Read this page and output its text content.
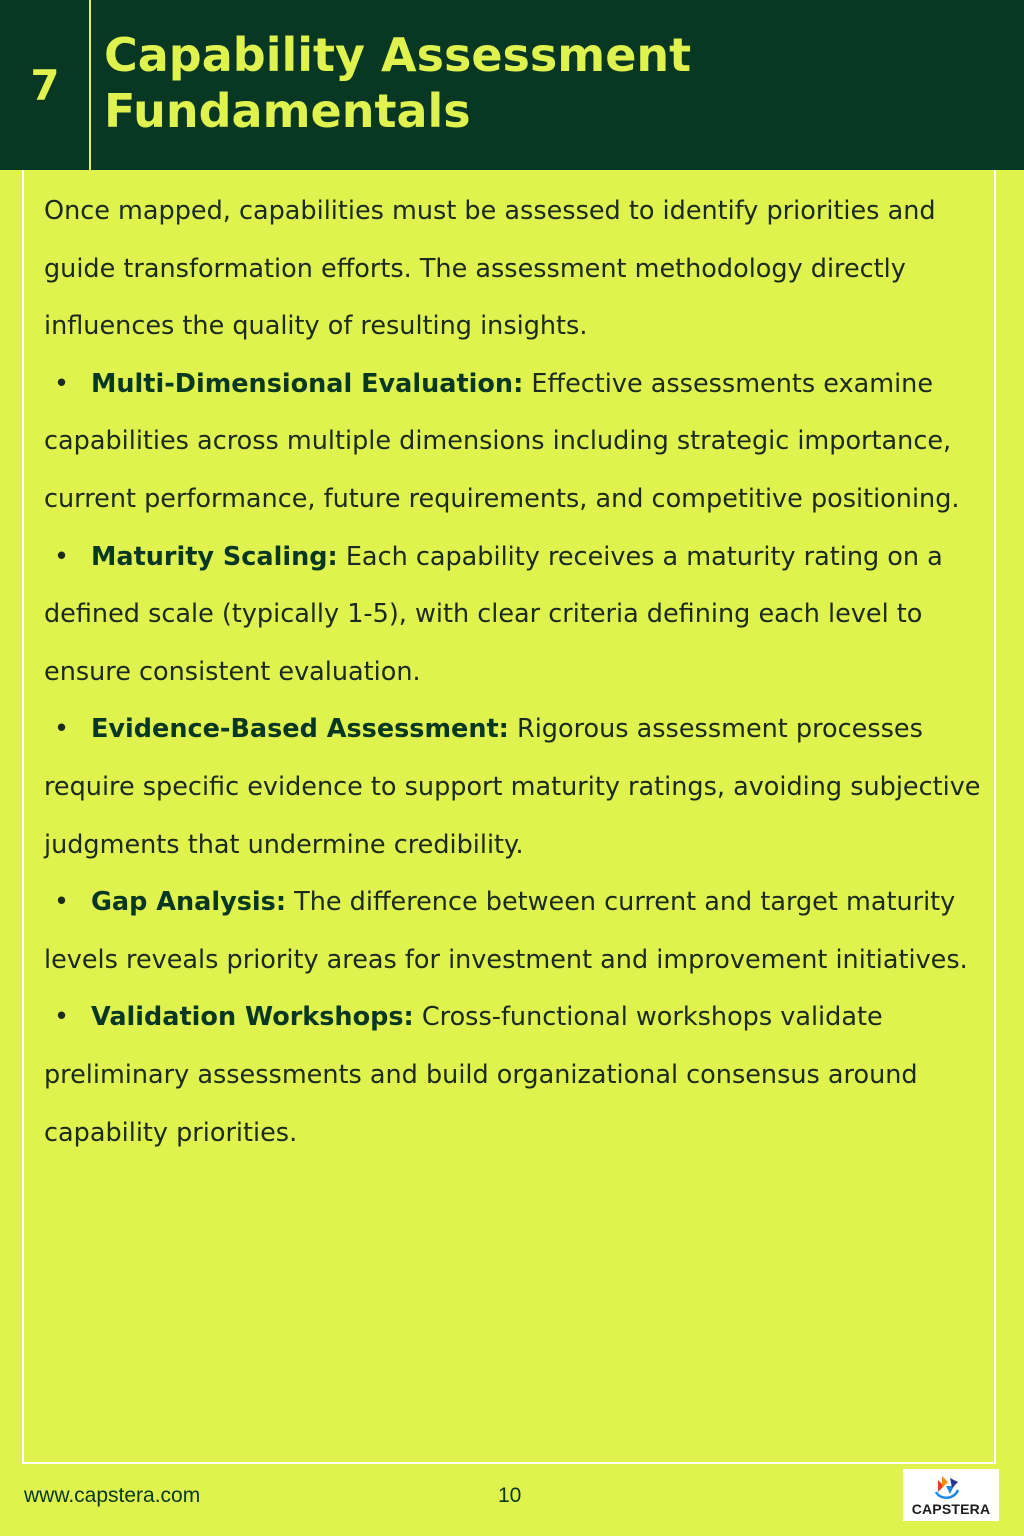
7
Capability Assessment
Fundamentals

Once mapped, capabilities must be assessed to identify priorities and guide transformation efforts. The assessment methodology directly influences the quality of resulting insights.

• Multi-Dimensional Evaluation: Effective assessments examine capabilities across multiple dimensions including strategic importance, current performance, future requirements, and competitive positioning.

• Maturity Scaling: Each capability receives a maturity rating on a defined scale (typically 1-5), with clear criteria defining each level to ensure consistent evaluation.

• Evidence-Based Assessment: Rigorous assessment processes require specific evidence to support maturity ratings, avoiding subjective judgments that undermine credibility.

• Gap Analysis: The difference between current and target maturity levels reveals priority areas for investment and improvement initiatives.

• Validation Workshops: Cross-functional workshops validate preliminary assessments and build organizational consensus around capability priorities.

www.capstera.com	10
CAPSTERA
